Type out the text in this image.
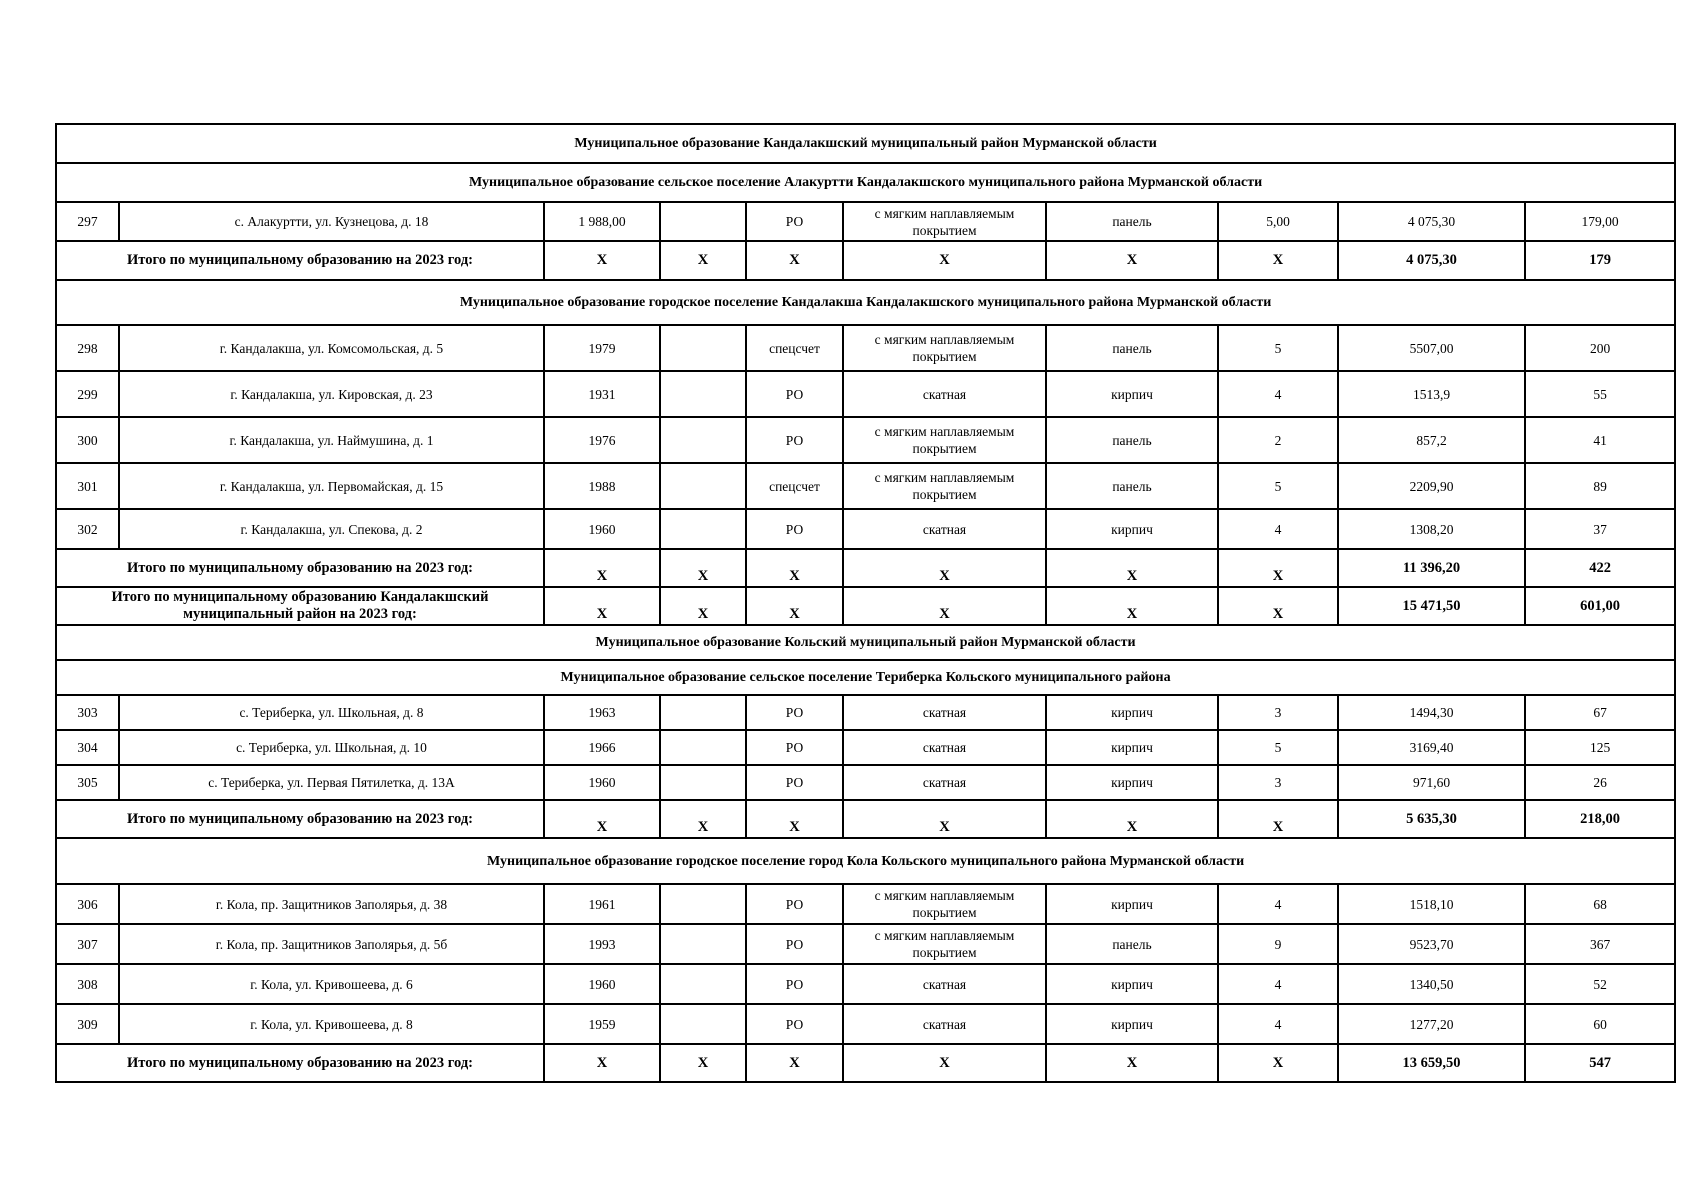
Муниципальное образование Кандалакшский муниципальный район Мурманской области									
Муниципальное образование сельское поселение Алакуртти Кандалакшского муниципального района Мурманской области									
297	с. Алакуртти, ул. Кузнецова, д. 18	1 988,00		РО	с мягким наплавляемым покрытием	панель	5,00	4 075,30	179,00
Итого по муниципальному образованию на 2023 год:		X	X	X	X	X	X	4 075,30	179
Муниципальное образование городское поселение Кандалакша Кандалакшского муниципального района Мурманской области									
298	г. Кандалакша, ул. Комсомольская, д. 5	1979		спецсчет	с мягким наплавляемым покрытием	панель	5	5507,00	200
299	г. Кандалакша, ул. Кировская, д. 23	1931		РО	скатная	кирпич	4	1513,9	55
300	г. Кандалакша, ул. Наймушина, д. 1	1976		РО	с мягким наплавляемым покрытием	панель	2	857,2	41
301	г. Кандалакша, ул. Первомайская, д. 15	1988		спецсчет	с мягким наплавляемым покрытием	панель	5	2209,90	89
302	г. Кандалакша, ул. Спекова, д. 2	1960		РО	скатная	кирпич	4	1308,20	37
Итого по муниципальному образованию на 2023 год:		X	X	X	X	X	X	11 396,20	422
Итого по муниципальному образованию Кандалакшский муниципальный район на 2023 год:		X	X	X	X	X	X	15 471,50	601,00
Муниципальное образование Кольский муниципальный район Мурманской области									
Муниципальное образование сельское поселение Териберка Кольского муниципального района									
303	с. Териберка, ул. Школьная, д. 8	1963		РО	скатная	кирпич	3	1494,30	67
304	с. Териберка, ул. Школьная, д. 10	1966		РО	скатная	кирпич	5	3169,40	125
305	с. Териберка, ул. Первая Пятилетка, д. 13А	1960		РО	скатная	кирпич	3	971,60	26
Итого по муниципальному образованию на 2023 год:		X	X	X	X	X	X	5 635,30	218,00
Муниципальное образование городское поселение город Кола Кольского муниципального района Мурманской области									
306	г. Кола, пр. Защитников Заполярья, д. 38	1961		РО	с мягким наплавляемым покрытием	кирпич	4	1518,10	68
307	г. Кола, пр. Защитников Заполярья, д. 5б	1993		РО	с мягким наплавляемым покрытием	панель	9	9523,70	367
308	г. Кола, ул. Кривошеева, д. 6	1960		РО	скатная	кирпич	4	1340,50	52
309	г. Кола, ул. Кривошеева, д. 8	1959		РО	скатная	кирпич	4	1277,20	60
Итого по муниципальному образованию на 2023 год:		X	X	X	X	X	X	13 659,50	547
